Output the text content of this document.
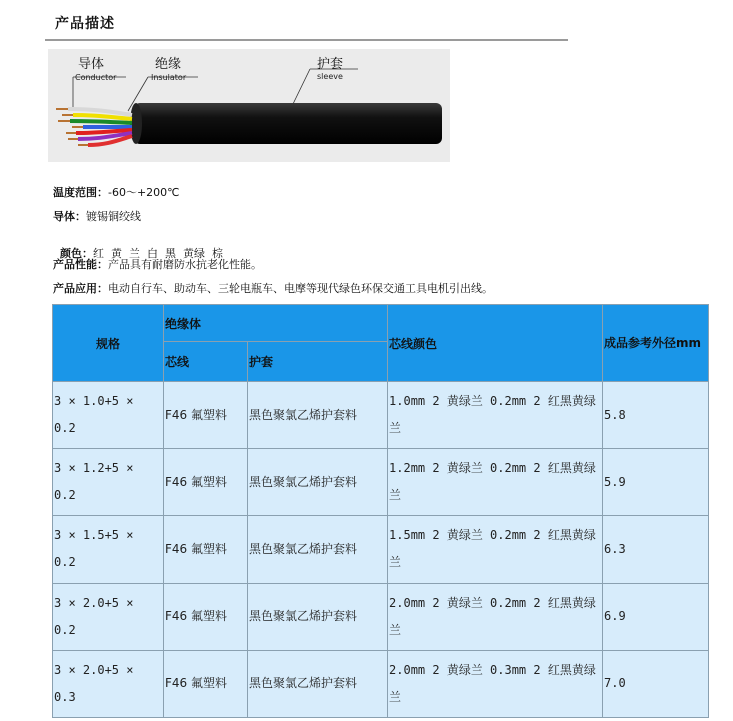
产品描述
导体
Conductor
绝缘
Insulator
护套
sleeve
温度范围：-60～+200℃
导体：镀锡铜绞线

颜色：红  黄  兰  白  黑  黄绿  棕

产品性能：产品具有耐磨防水抗老化性能。
产品应用：电动自行车、助动车、三轮电瓶车、电摩等现代绿色环保交通工具电机引出线。
规格	绝缘体		芯线颜色	成品参考外径mm
	芯线	护套		
3 × 1.0+5 × 0.2	F46 氟塑料	黑色聚氯乙烯护套料	1.0mm 2 黄绿兰 0.2mm 2 红黑黄绿兰	5.8
3 × 1.2+5 × 0.2	F46 氟塑料	黑色聚氯乙烯护套料	1.2mm 2 黄绿兰 0.2mm 2 红黑黄绿兰	5.9
3 × 1.5+5 × 0.2	F46 氟塑料	黑色聚氯乙烯护套料	1.5mm 2 黄绿兰 0.2mm 2 红黑黄绿兰	6.3
3 × 2.0+5 × 0.2	F46 氟塑料	黑色聚氯乙烯护套料	2.0mm 2 黄绿兰 0.2mm 2 红黑黄绿兰	6.9
3 × 2.0+5 × 0.3	F46 氟塑料	黑色聚氯乙烯护套料	2.0mm 2 黄绿兰 0.3mm 2 红黑黄绿兰	7.0
